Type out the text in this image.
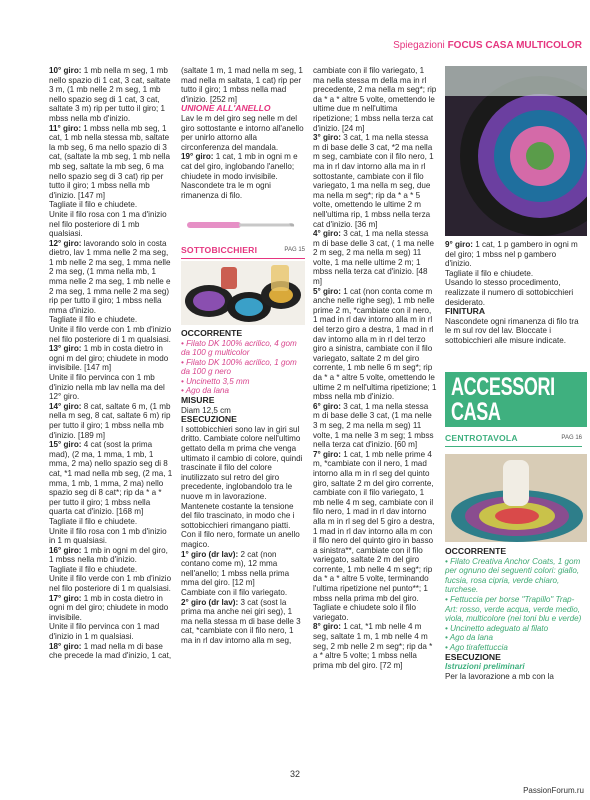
Spiegazioni FOCUS CASA MULTICOLOR

10° giro: 1 mb nella m seg, 1 mb nello spazio di 1 cat, 3 cat, saltate 3 m, (1 mb nelle 2 m seg, 1 mb nello spazio seg di 1 cat, 3 cat, saltate 3 m) rip per tutto il giro; 1 mbss nella mb d'inizio.

11° giro: 1 mbss nella mb seg, 1 cat, 1 mb nella stessa mb, saltate la mb seg, 6 ma nello spazio di 3 cat, (saltate la mb seg, 1 mb nella mb seg, saltate la mb seg, 6 ma nello spazio seg di 3 cat) rip per tutto il giro; 1 mbss nella mb d'inizio. [147 m]

Tagliate il filo e chiudete.

Unite il filo rosa con 1 ma d'inizio nel filo posteriore di 1 mb qualsiasi.

12° giro: lavorando solo in costa dietro, lav 1 mma nelle 2 ma seg, 1 mb nelle 2 ma seg, 1 mma nelle 2 ma seg, (1 mma nella mb, 1 mma nelle 2 ma seg, 1 mb nelle e 2 ma seg, 1 mma nelle 2 ma seg) rip per tutto il giro; 1 mbss nella mma d'inizio.

Tagliate il filo e chiudete.

Unite il filo verde con 1 mb d'inizio nel filo posteriore di 1 m qualsiasi.

13° giro: 1 mb in costa dietro in ogni m del giro; chiudete in modo invisibile. [147 m]

Unite il filo pervinca con 1 mb d'inizio nella mb lav nella ma del 12° giro.

14° giro: 8 cat, saltate 6 m, (1 mb nella m seg, 8 cat, saltate 6 m) rip per tutto il giro; 1 mbss nella mb d'inizio. [189 m]

15° giro: 4 cat (sost la prima mad), (2 ma, 1 mma, 1 mb, 1 mma, 2 ma) nello spazio seg di 8 cat, *1 mad nella mb seg, (2 ma, 1 mma, 1 mb, 1 mma, 2 ma) nello spazio seg di 8 cat*; rip da * a * per tutto il giro; 1 mbss nella quarta cat d'inizio. [168 m]

Tagliate il filo e chiudete.

Unite il filo rosa con 1 mb d'inizio in 1 m qualsiasi.

16° giro: 1 mb in ogni m del giro, 1 mbss nella mb d'inizio.

Tagliate il filo e chiudete.

Unite il filo verde con 1 mb d'inizio nel filo posteriore di 1 m qualsiasi.

17° giro: 1 mb in costa dietro in ogni m del giro; chiudete in modo invisibile.

Unite il filo pervinca con 1 mad d'inizio in 1 m qualsiasi.

18° giro: 1 mad nella m di base che precede la mad d'inizio, 1 cat,

(saltate 1 m, 1 mad nella m seg, 1 mad nella m saltata, 1 cat) rip per tutto il giro; 1 mbss nella mad d'inizio. [252 m]

UNIONE ALL'ANELLO

Lav le m del giro seg nelle m del giro sottostante e intorno all'anello per unirlo attorno alla circonferenza del mandala.

19° giro: 1 cat, 1 mb in ogni m e cat del giro, inglobando l'anello; chiudete in modo invisibile.

Nascondete tra le m ogni rimanenza di filo.

SOTTOBICCHIERI	PAG 15

OCCORRENTE

• Filato DK 100% acrilico, 4 gom da 100 g multicolor

• Filato DK 100% acrilico, 1 gom da 100 g nero

• Uncinetto 3,5 mm

• Ago da lana

MISURE

Diam 12,5 cm

ESECUZIONE

I sottobicchieri sono lav in giri sul dritto. Cambiate colore nell'ultimo gettato della m prima che venga ultimato il cambio di colore, quindi trascinate il filo del colore inutilizzato sul retro del giro precedente, inglobandolo tra le nuove m in lavorazione. Mantenete costante la tensione del filo trascinato, in modo che i sottobicchieri rimangano piatti.

Con il filo nero, formate un anello magico.

1° giro (dr lav): 2 cat (non contano come m), 12 mma nell'anello; 1 mbss nella prima mma del giro. [12 m]

Cambiate con il filo variegato.

2° giro (dr lav): 3 cat (sost la prima ma anche nei giri seg), 1 ma nella stessa m di base delle 3 cat, *cambiate con il filo nero, 1 ma in rl dav intorno alla m seg,

cambiate con il filo variegato, 1 ma nella stessa m della ma in rl precedente, 2 ma nella m seg*; rip da * a * altre 5 volte, omettendo le ultime due m nell'ultima ripetizione; 1 mbss nella terza cat d'inizio. [24 m]

3° giro: 3 cat, 1 ma nella stessa m di base delle 3 cat, *2 ma nella m seg, cambiate con il filo nero, 1 ma in rl dav intorno alla ma in rl sottostante, cambiate con il filo variegato, 1 ma nella m seg, due ma nella m seg*; rip da * a * 5 volte, omettendo le ultime 2 m nell'ultima rip, 1 mbss nella terza cat d'inizio. [36 m]

4° giro: 3 cat, 1 ma nella stessa m di base delle 3 cat, ( 1 ma nelle 2 m seg, 2 ma nella m seg) 11 volte, 1 ma nelle ultime 2 m; 1 mbss nella terza cat d'inizio. [48 m]

5° giro: 1 cat (non conta come m anche nelle righe seg), 1 mb nelle prime 2 m, *cambiate con il nero, 1 mad in rl dav intorno alla m in rl del terzo giro a destra, 1 mad in rl dav intorno alla m in rl del terzo giro a sinistra, cambiate con il filo variegato, saltate 2 m del giro corrente, 1 mb nelle 6 m seg*; rip da * a * altre 5 volte, omettendo le ultime 2 m nell'ultima ripetizione; 1 mbss nella mb d'inizio.

6° giro: 3 cat, 1 ma nella stessa m di base delle 3 cat, (1 ma nelle 3 m seg, 2 ma nella m seg) 11 volte, 1 ma nelle 3 m seg; 1 mbss nella terza cat d'inizio. [60 m]

7° giro: 1 cat, 1 mb nelle prime 4 m, *cambiate con il nero, 1 mad intorno alla m in rl seg del quinto giro, saltate 2 m del giro corrente, cambiate con il filo variegato, 1 mb nelle 4 m seg, cambiate con il filo nero, 1 mad in rl dav intorno alla m in rl seg del 5 giro a destra, 1 mad in rl dav intorno alla m con il filo nero del quinto giro in basso a sinistra**, cambiate con il filo variegato, saltate 2 m del giro corrente, 1 mb nelle 4 m seg*; rip da * a * altre 5 volte, terminando l'ultima ripetizione nel punto**; 1 mbss nella prima mb del giro.

Tagliate e chiudete solo il filo variegato.

8° giro: 1 cat, *1 mb nelle 4 m seg, saltate 1 m, 1 mb nelle 4 m seg, 2 mb nelle 2 m seg*; rip da * a * altre 5 volte; 1 mbss nella prima mb del giro. [72 m]

9° giro: 1 cat, 1 p gambero in ogni m del giro; 1 mbss nel p gambero d'inizio.

Tagliate il filo e chiudete.

Usando lo stesso procedimento, realizzate il numero di sottobicchieri desiderato.

FINITURA

Nascondete ogni rimanenza di filo tra le m sul rov del lav. Bloccate i sottobicchieri alle misure indicate.

ACCESSORI
CASA
CENTROTAVOLA	PAG 16

OCCORRENTE

• Filato Creativa Anchor Coats, 1 gom per ognuno dei seguenti colori: giallo, fucsia, rosa cipria, verde chiaro, turchese.

• Fettuccia per borse "Trapillo" Trap-Art: rosso, verde acqua, verde medio, viola, multicolore (nei toni blu e verde)

• Uncinetto adeguato al filato

• Ago da lana

• Ago tirafettuccia

ESECUZIONE

Istruzioni preliminari

Per la lavorazione a mb con la

32
PassionForum.ru
